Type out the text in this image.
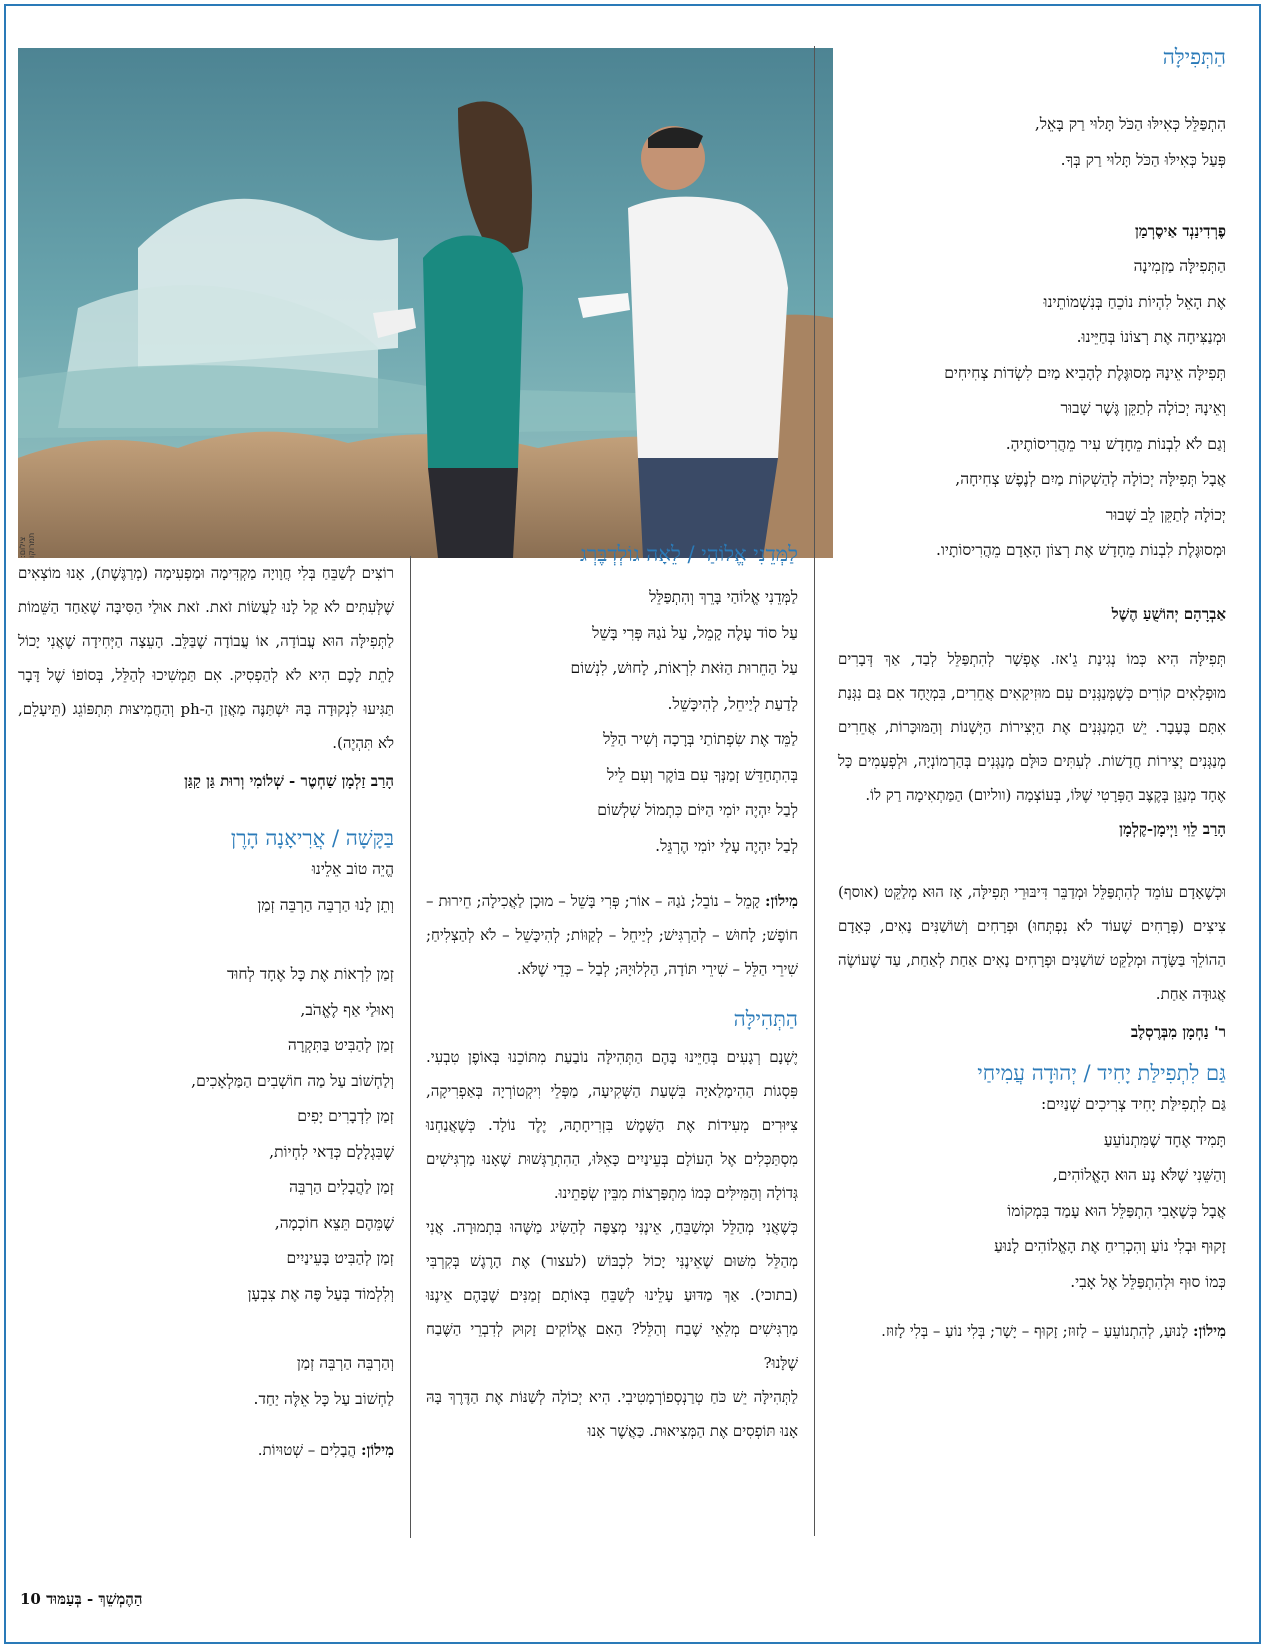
צילום: תמרוקו
הַתְּפִילָּה
הִתְפַּלֵּל כְּאִילּוּ הַכֹּל תָּלוּי רַק בָּאֵל,
פְּעַל כְּאִילּוּ הַכֹּל תָּלוּי רַק בְּךָ.
פֶרְדִינַנְד אַיסֶרְמַן
הַתְּפִילָּה מַזְמִינָה
אֶת הָאֵל לִהְיוֹת נוֹכֵחַ בְּנִשְׁמוֹתֵינוּ
וּמְנַצִּיחָה אֶת רְצוֹנוֹ בְּחַיֵּינוּ.
תְּפִילָּה אֵינָהּ מְסוּגֶּלֶת לְהָבִיא מַיִם לִשְׂדוֹת צְחִיחִים
וְאֵינָהּ יְכוֹלָה לְתַקֵּן גֶּשֶׁר שָׁבוּר
וְגַם לֹא לִבְנוֹת מֵחָדָשׁ עִיר מֵהֲרִיסוֹתֶיהָ.
אֲבָל תְּפִילָּה יְכוֹלָה לְהַשְׁקוֹת מַיִם לְנֶפֶשׁ צְחִיחָה,
יְכוֹלָה לְתַקֵּן לֵב שָׁבוּר
וּמְסוּגֶּלֶת לִבְנוֹת מֵחָדָשׁ אֶת רְצוֹן הָאָדָם מֵהֲרִיסוֹתָיו.
אַבְרָהָם יְהוֹשֻׁעַ הֶשֶׁל
תְּפִילָּה הִיא כְּמוֹ נְגִינַת גֵ'אז. אֶפְשָׁר לְהִתְפַּלֵּל לְבַד, אַךְ דְּבָרִים מוּפְלָאִים קוֹרִים כְּשֶׁמְּנַגְּנִים עִם מוּזִיקָאִים אֲחֵרִים, בִּמְיֻחָד אִם גַּם נִגְּנַת אִתָּם בֶּעָבָר. יֵשׁ הַמְנַגְּנִים אֶת הַיְּצִירוֹת הַיְּשָׁנוֹת וְהַמּוּכָּרוֹת, אֲחֵרִים מְנַגְּנִים יְצִירוֹת חֲדָשׁוֹת. לְעִתִּים כּוּלָּם מְנַגְּנִים בְּהַרְמוֹנְיָה, וּלְפְעָמִים כָּל אֶחָד מְנַגֵּן בְּקֶצֶב הַפְּרָטִי שֶׁלּוֹ, בְּעוֹצְמָה (ווליום) הַמַּתְאִימָה רַק לוֹ.
הָרַב לֵוִי וַיְימָן-קֶלְמָן
וּכְשֶׁאָדָם עוֹמֵד לְהִתְפַּלֵּל וּמְדַבֵּר דִּיבּוּרֵי תְּפִילָּה, אָז הוּא מְלַקֵּט (אוסף) צִיצִים (פְּרָחִים שֶׁעוֹד לֹא נִפְתְּחוּ) וּפְרָחִים וְשׁוֹשַׁנִּים נָאִים, כְּאָדָם הַהוֹלֵךְ בַּשָּׂדֶה וּמְלַקֵּט שׁוֹשַׁנִּים וּפְרָחִים נָאִים אַחַת לְאַחַת, עַד שֶׁעוֹשֶׂה אֲגוּדָּה אַחַת.
ר' נַחְמָן מִבְּרֶסְלֶב
גַּם לִתְפִילַּת יָחִיד / יְהוּדָה עֲמִיחַי
גַּם לִתְפִילַּת יָחִיד צְרִיכִים שְׁנַיִים:
תָּמִיד אֶחָד שֶׁמִּתְנוֹעֵעַ
וְהַשֵּׁנִי שֶׁלֹּא נָע הוּא הָאֱלוֹהִים,
אֲבָל כְּשֶׁאָבִי הִתְפַּלֵּל הוּא עָמַד בִּמְקוֹמוֹ
זָקוּף וּבְלִי נוֹעַ וְהִכְרִיחַ אֶת הָאֱלוֹהִים לָנוּעַ
כְּמוֹ סוּף וּלְהִתְפַּלֵּל אֶל אָבִי.
מִילוֹן: לָנוּעַ, לְהִתְנוֹעֵעַ – לָזוּז; זָקוּף – יָשָׁר; בְּלִי נוֹעַ – בְּלִי לָזוּז.
לַמְּדֵנִי אֱלוֹהַי / לֵאָה גוֹלְדְבֶּרְג
לַמְּדֵנִי אֱלוֹהַי בָּרֵךְ וְהִתְפַּלֵּל
עַל סוֹד עָלֶה קָמֵל, עַל נֹגַהּ פְּרִי בָּשֵׁל
עַל הַחֵרוּת הַזֹּאת לִרְאוֹת, לָחוּשׁ, לִנְשׁוֹם
לָדַעַת לְיַיחֵל, לְהִיכָּשֵׁל.
לַמֵּד אֶת שִׂפְתוֹתַי בְּרָכָה וְשִׁיר הַלֵּל
בְּהִתְחַדֵּשׁ זְמַנְּךָ עִם בּוֹקֶר וְעִם לֵיל
לְבַל יִהְיֶה יוֹמִי הַיּוֹם כִּתְמוֹל שִׁלְשׁוֹם
לְבַל יִהְיֶה עָלַי יוֹמִי הֶרְגֵּל.
מִילוֹן: קָמֵל – נוֹבֵל; נֹגַהּ – אוֹר; פְּרִי בָּשֵׁל – מוּכָן לַאֲכִילָה; חֵירוּת – חוֹפֶשׁ; לָחוּשׁ – לְהַרְגִּישׁ; לְיַיחֵל – לְקַוּוֹת; לְהִיכָּשֵׁל – לֹא לְהַצְלִיחַ; שִׁירֵי הַלֵּל – שִׁירֵי תּוֹדָה, הַלְלוּיָהּ; לְבַל – כְּדֵי שֶׁלֹּא.
הַתְּהִילָּה
יֶשְׁנָם רְגָעִים בְּחַיֵּינוּ בָּהֶם הַתְּהִילָּה נוֹבַעַת מִתּוֹכֵנוּ בְּאוֹפֶן טִבְעִי. פִּסְגוֹת הַהִימָלַאיָה בִּשְׁעַת הַשְּׁקִיעָה, מַפְּלֵי וִיקְטוֹרְיָה בְּאַפְרִיקָה, צִיּוּרִים מְעִידוֹת אֶת הַשֶּׁמֶשׁ בִּזְרִיחָתָהּ, יֶלֶד נוֹלָד. כְּשֶׁאֲנַחְנוּ מִסְתַּכְּלִים אֶל הָעוֹלָם בְּעֵינַיִים כָּאֵלּוּ, הַהִתְרַגְּשׁוּת שֶׁאָנוּ מַרְגִּישִׁים גְּדוֹלָה וְהַמִּילִּים כְּמוֹ מִתְפָּרְצוֹת מִבֵּין שְׂפָתֵינוּ.
כְּשֶׁאֲנִי מְהַלֵּל וּמְשַׁבֵּחַ, אֵינֶנִּי מְצַפֶּה לְהַשִּׂיג מַשֶּׁהוּ בִּתְמוּרָה. אֲנִי מְהַלֵּל מִשּׁוּם שֶׁאֵינֶנִּי יָכוֹל לִכְבּוֹשׁ (לעצור) אֶת הָרֶגֶשׁ בְּקִרְבִּי (בתוכי). אַךְ מַדּוּעַ עָלֵינוּ לְשַׁבֵּחַ בְּאוֹתָם זְמַנִּים שֶׁבָּהֶם אֵינֶנּוּ מַרְגִּישִׁים מְלֵאֵי שֶׁבַח וְהַלֵּל? הַאִם אֱלוֹקִים זָקוּק לְדִבְרֵי הַשֶּׁבַח שֶׁלָּנוּ?
לַתְּהִילָּה יֵשׁ כֹּחַ טְרַנְסְפוֹרְמָטִיבִי. הִיא יְכוֹלָה לְשַׁנּוֹת אֶת הַדֶּרֶךְ בָּהּ אָנוּ תּוֹפְסִים אֶת הַמְּצִיאוּת. כַּאֲשֶׁר אָנוּ
רוֹצִים לְשַׁבֵּחַ בְּלִי חֲוָויָה מַקְדִּימָה וּמַפְעִימָה (מְרַגֶּשֶׁת), אָנוּ מוֹצְאִים שֶׁלְּעִתִּים לֹא קַל לָנוּ לַעֲשׂוֹת זֹאת. זֹאת אוּלַי הַסִּיבָּה שֶׁאַחַד הַשֵּׁמוֹת לַתְּפִילָּה הוּא עֲבוֹדָה, אוֹ עֲבוֹדָה שֶׁבַּלֵּב. הָעֵצָה הַיְּחִידָה שֶׁאֲנִי יָכוֹל לָתֵת לָכֶם הִיא לֹא לְהַפְסִיק. אִם תַּמְשִׁיכוּ לְהַלֵּל, בְּסוֹפוֹ שֶׁל דָּבָר תַּגִּיעוּ לִנְקוּדָה בָּהּ יִשְׁתַּנֶּה מַאֲזַן הַ-ph וְהַחֲמִיצוּת תִּתְפּוֹגֵג (תֵּיעָלֵם, לֹא תִּהְיֶה).
הָרַב זַלְמָן שַׁחְטֶר - שְׁלוֹמִי וְרוּת גַּן קַגַּן
בַּקָּשָׁה / אֲרִיאָנָה הָרֶן
הֱיֵה טוֹב אֵלֵינוּ
וְתֵן לָנוּ הַרְבֵּה הַרְבֵּה זְמַן
זְמַן לִרְאוֹת אֶת כָּל אֶחָד לְחוּד
וְאוּלַי אַף לֶאֱהֹב,
זְמַן לְהַבִּיט בַּתִּקְרָה
וְלַחְשׁוֹב עַל מַה חוֹשְׁבִים הַמַּלְאָכִים,
זְמַן לִדְבָרִים יָפִים
שֶׁבִּגְלָלָם כְּדַאי לִחְיוֹת,
זְמַן לַהֲבָלִים הַרְבֵּה
שֶׁמֵּהֶם תֵּצֵא חוֹכְמָה,
זְמַן לְהַבִּיט בָּעֵינַיִים
וְלִלְמוֹד בְּעַל פֶּה אֶת צִבְעָן
וְהַרְבֵּה הַרְבֵּה זְמַן
לַחְשׁוֹב עַל כָּל אֵלֶּה יַחַד.
מִילוֹן: הֲבָלִים – שְׁטוּיוֹת.
הַהֶמְשֵׁךְ - בְּעַמּוּד 10
